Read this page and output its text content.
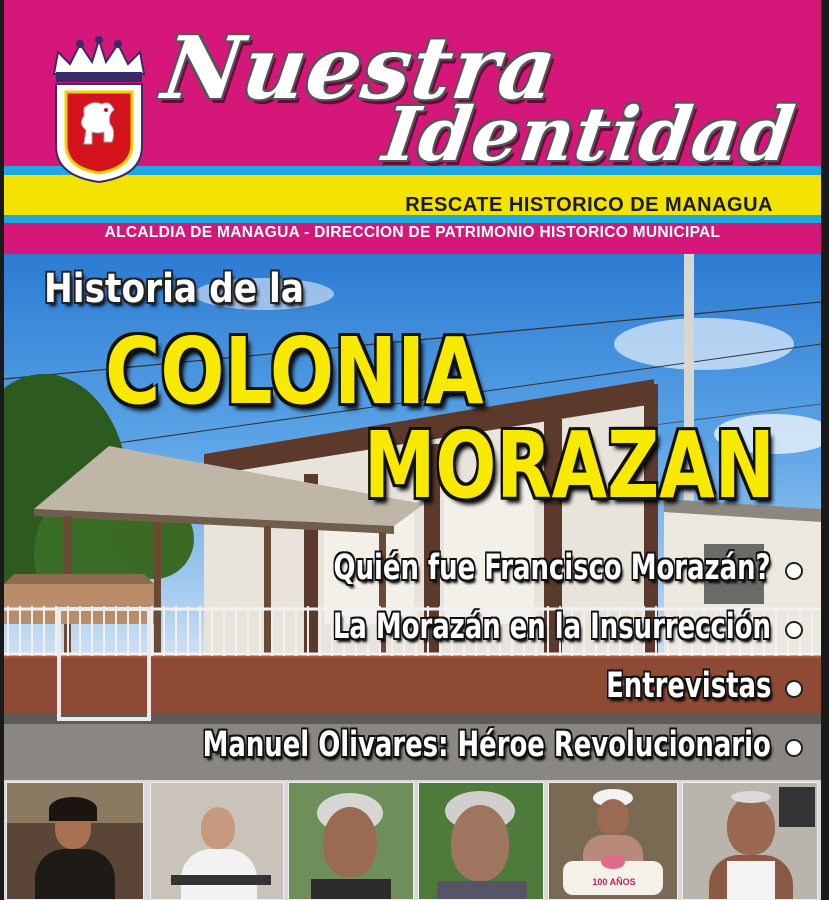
Nuestra
Identidad
RESCATE HISTORICO DE MANAGUA
ALCALDIA DE MANAGUA - DIRECCION DE PATRIMONIO HISTORICO MUNICIPAL
Historia de la
COLONIA
MORAZAN
Quién fue Francisco Morazán?
La Morazán en la Insurrección
Entrevistas
Manuel Olivares: Héroe Revolucionario
100 AÑOS
